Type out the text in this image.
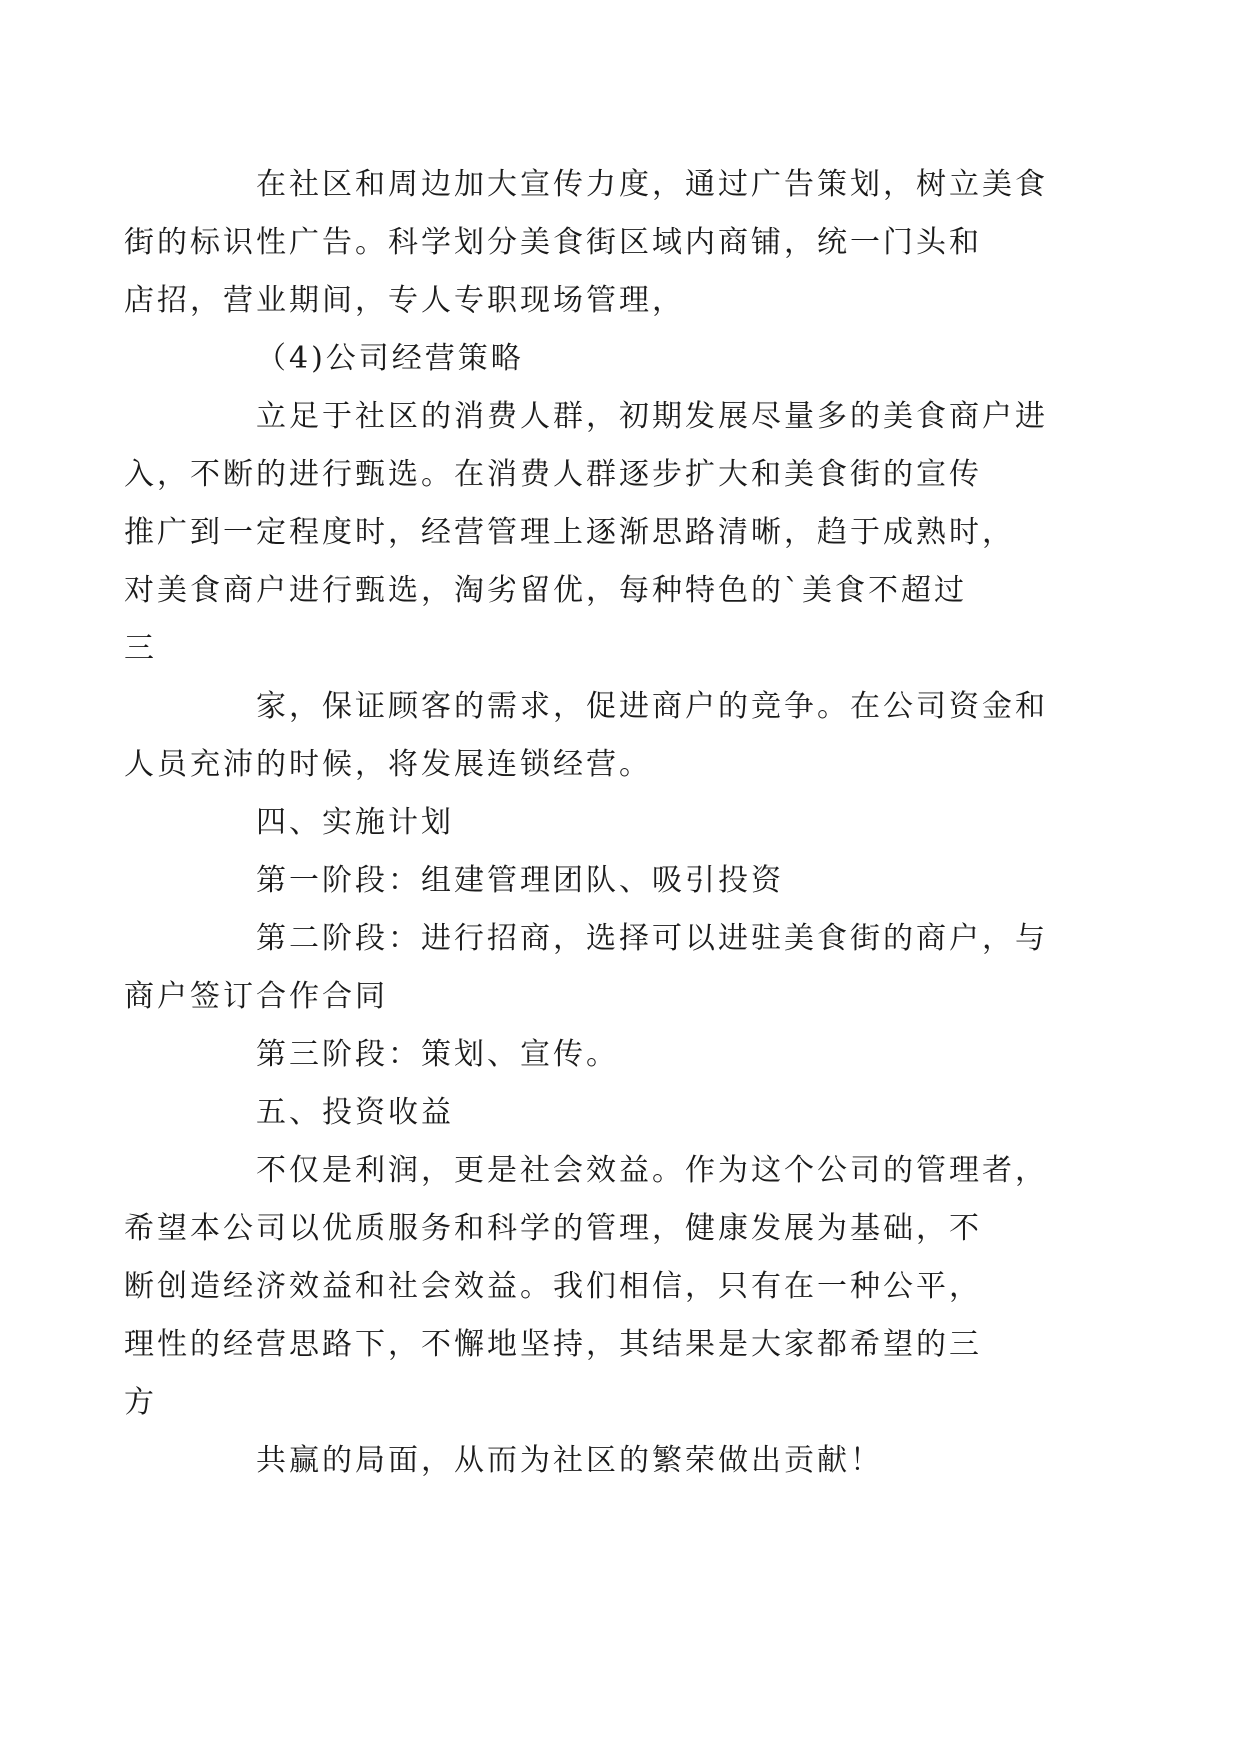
在社区和周边加大宣传力度，通过广告策划，树立美食
街的标识性广告。科学划分美食街区域内商铺，统一门头和
店招，营业期间，专人专职现场管理，

（4)公司经营策略

立足于社区的消费人群，初期发展尽量多的美食商户进
入，不断的进行甄选。在消费人群逐步扩大和美食街的宣传
推广到一定程度时，经营管理上逐渐思路清晰，趋于成熟时，
对美食商户进行甄选，淘劣留优，每种特色的`美食不超过
三

家，保证顾客的需求，促进商户的竞争。在公司资金和
人员充沛的时候，将发展连锁经营。

四、实施计划

第一阶段：组建管理团队、吸引投资

第二阶段：进行招商，选择可以进驻美食街的商户，与
商户签订合作合同

第三阶段：策划、宣传。

五、投资收益

不仅是利润，更是社会效益。作为这个公司的管理者，
希望本公司以优质服务和科学的管理，健康发展为基础，不
断创造经济效益和社会效益。我们相信，只有在一种公平，
理性的经营思路下，不懈地坚持，其结果是大家都希望的三
方

共赢的局面，从而为社区的繁荣做出贡献！
